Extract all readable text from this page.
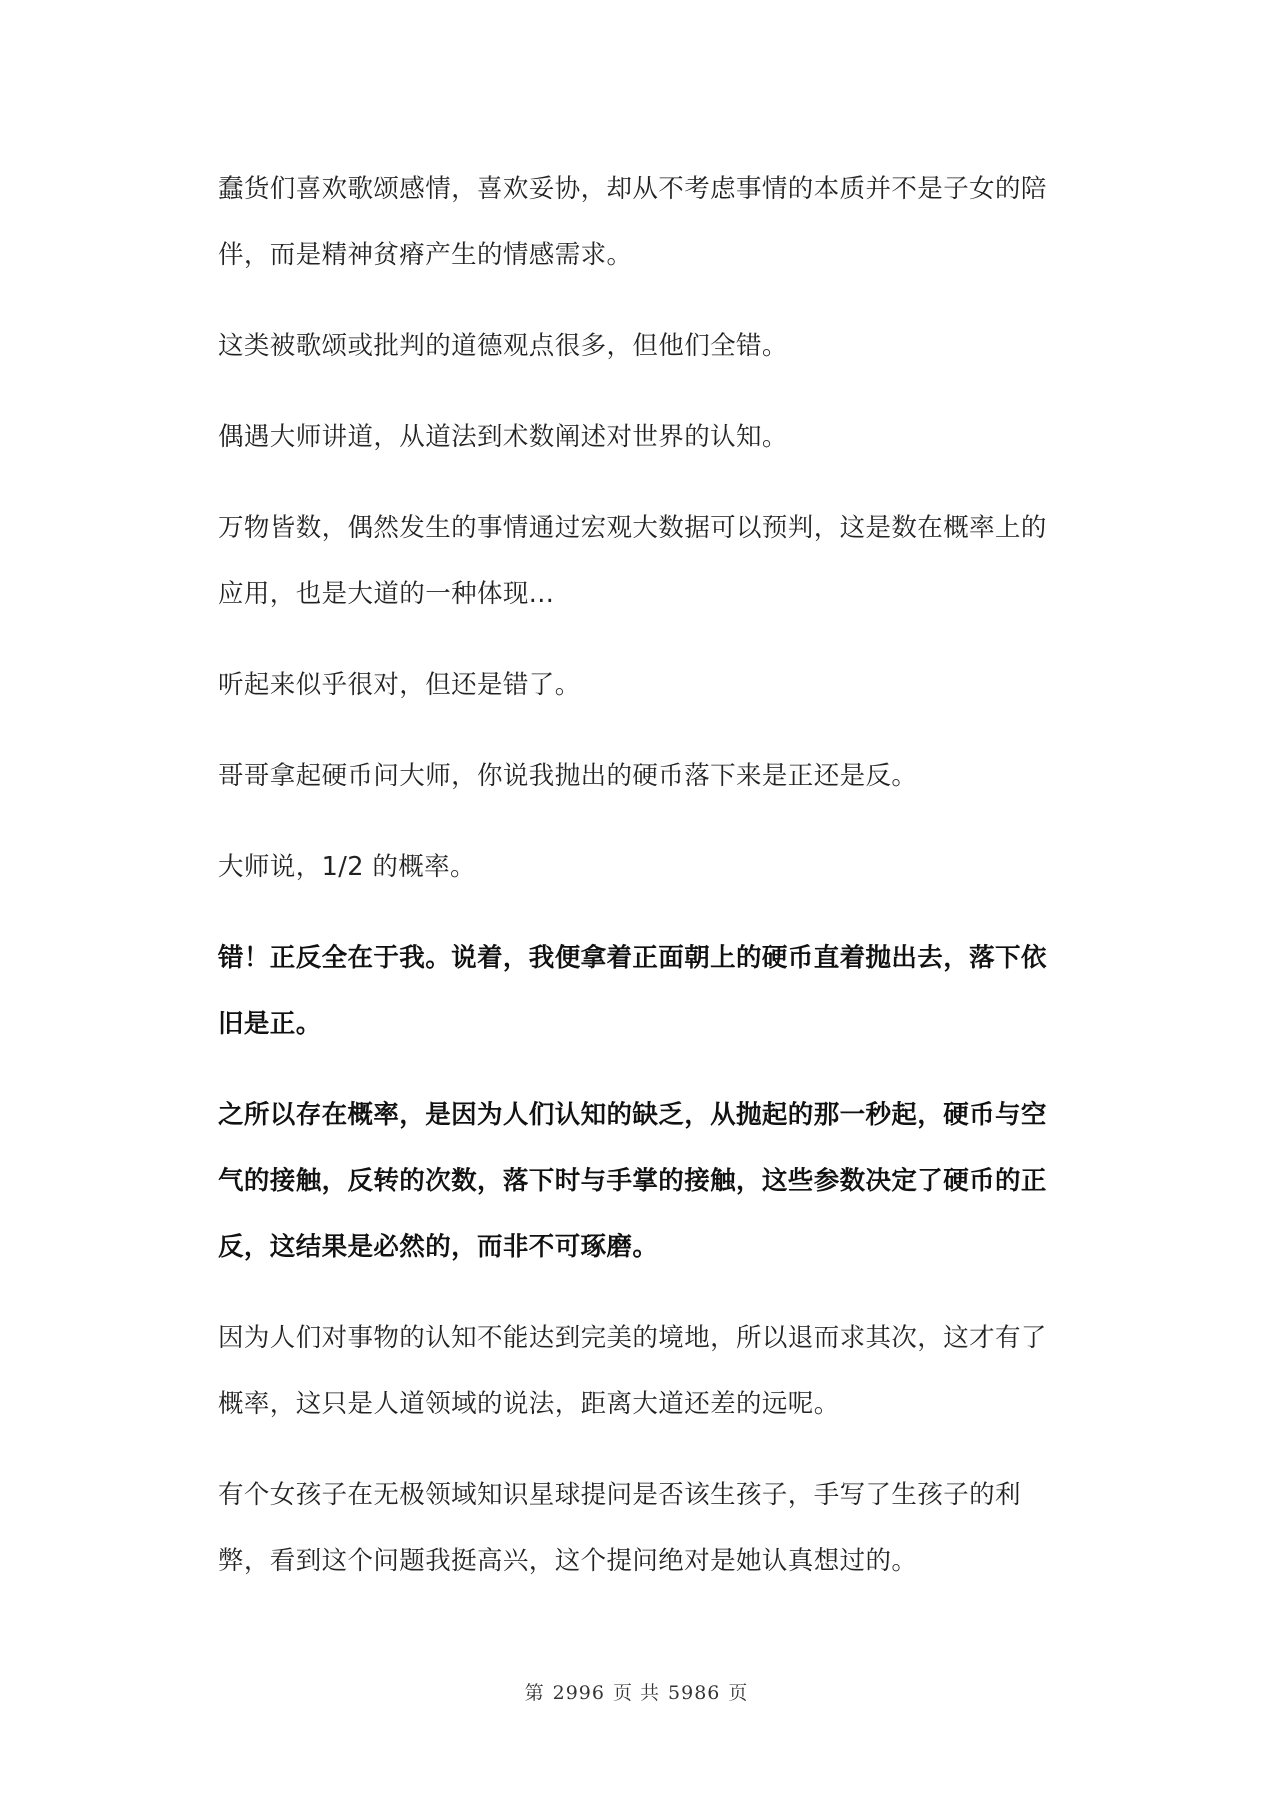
蠢货们喜欢歌颂感情，喜欢妥协，却从不考虑事情的本质并不是子女的陪伴，而是精神贫瘠产生的情感需求。

这类被歌颂或批判的道德观点很多，但他们全错。

偶遇大师讲道，从道法到术数阐述对世界的认知。

万物皆数，偶然发生的事情通过宏观大数据可以预判，这是数在概率上的应用，也是大道的一种体现...

听起来似乎很对，但还是错了。

哥哥拿起硬币问大师，你说我抛出的硬币落下来是正还是反。

大师说，1/2 的概率。

错！正反全在于我。说着，我便拿着正面朝上的硬币直着抛出去，落下依旧是正。

之所以存在概率，是因为人们认知的缺乏，从抛起的那一秒起，硬币与空气的接触，反转的次数，落下时与手掌的接触，这些参数决定了硬币的正反，这结果是必然的，而非不可琢磨。

因为人们对事物的认知不能达到完美的境地，所以退而求其次，这才有了概率，这只是人道领域的说法，距离大道还差的远呢。

有个女孩子在无极领域知识星球提问是否该生孩子，手写了生孩子的利弊，看到这个问题我挺高兴，这个提问绝对是她认真想过的。

第 2996 页 共 5986 页
